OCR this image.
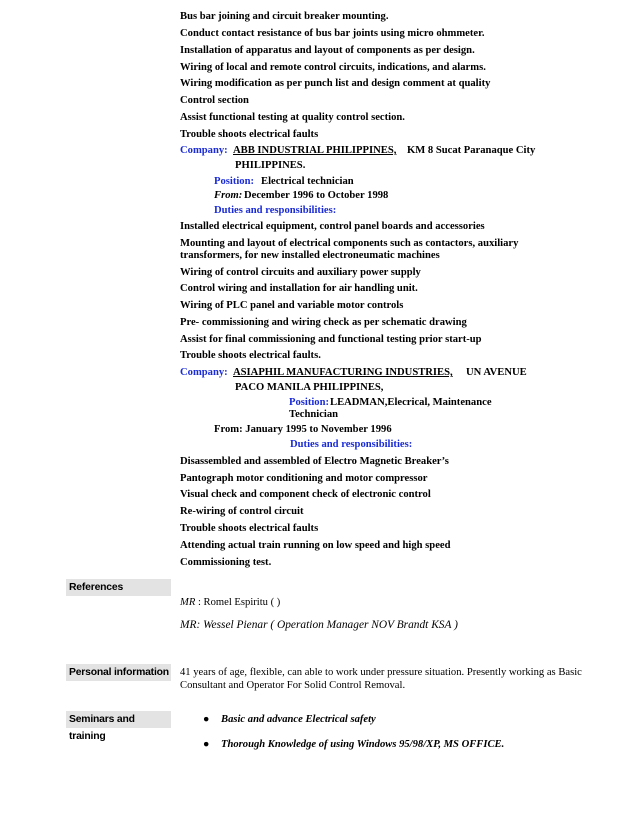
Bus bar joining and circuit breaker mounting.
Conduct contact resistance of bus bar joints using micro ohmmeter.
Installation of apparatus and layout of components as per design.
Wiring of local and remote control circuits, indications, and alarms.
Wiring modification as per punch list and design comment at quality
Control section
Assist functional testing at quality control section.
Trouble shoots electrical faults
Company: ABB INDUSTRIAL PHILIPPINES, KM 8 Sucat Paranaque City
PHILIPPINES.
Position: Electrical technician
From: December 1996 to October 1998
Duties and responsibilities:
Installed electrical equipment, control panel boards and accessories
Mounting and layout of electrical components such as contactors, auxiliary
transformers, for new installed electroneumatic machines
Wiring of control circuits and auxiliary power supply
Control wiring and installation for air handling unit.
Wiring of PLC panel and variable motor controls
Pre- commissioning and wiring check as per schematic drawing
Assist for final commissioning and functional testing prior start-up
Trouble shoots electrical faults.
Company: ASIAPHIL MANUFACTURING INDUSTRIES, UN AVENUE
PACO MANILA PHILIPPINES,
Position: LEADMAN,Elecrical, Maintenance
Technician
From: January 1995 to November 1996
Duties and responsibilities:
Disassembled and assembled of Electro Magnetic Breaker’s
Pantograph motor conditioning and motor compressor
Visual check and component check of electronic control
Re-wiring of control circuit
Trouble shoots electrical faults
Attending actual train running on low speed and high speed
Commissioning test.
References
MR : Romel Espiritu ( )
MR: Wessel Pienar ( Operation Manager NOV Brandt KSA )
Personal information 41 years of age, flexible, can able to work under pressure situation. Presently working as Basic
Consultant and Operator For Solid Control Removal.
Seminars and training
● Basic and advance Electrical safety
● Thorough Knowledge of using Windows 95/98/XP, MS OFFICE.
